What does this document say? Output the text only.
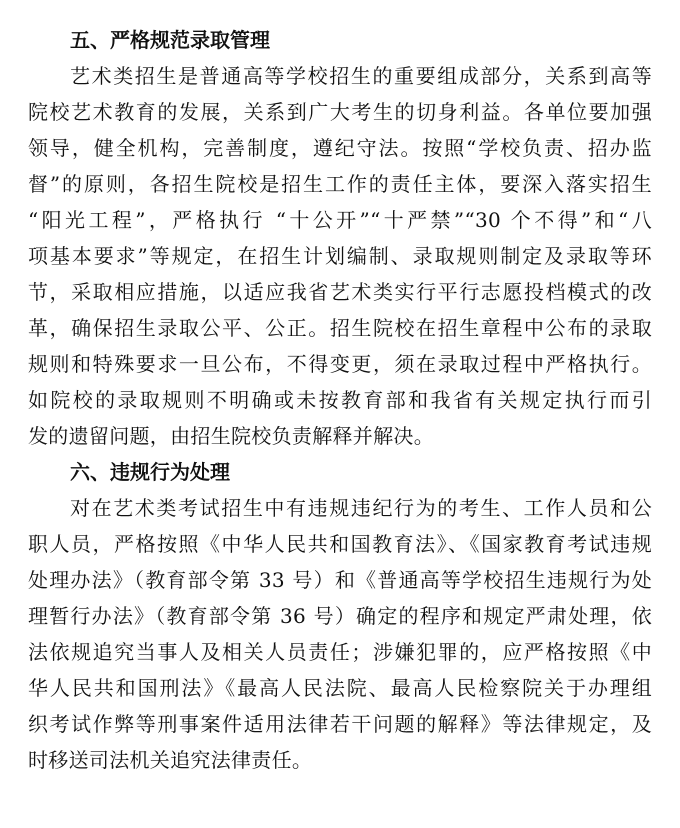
五、严格规范录取管理

艺术类招生是普通高等学校招生的重要组成部分，关系到高等

院校艺术教育的发展，关系到广大考生的切身利益。各单位要加强

领导，健全机构，完善制度，遵纪守法。按照“学校负责、招办监

督”的原则，各招生院校是招生工作的责任主体，要深入落实招生

“阳光工程”，严格执行 “十公开”“十严禁”“30 个不得”和“八

项基本要求”等规定，在招生计划编制、录取规则制定及录取等环

节，采取相应措施，以适应我省艺术类实行平行志愿投档模式的改

革，确保招生录取公平、公正。招生院校在招生章程中公布的录取

规则和特殊要求一旦公布，不得变更，须在录取过程中严格执行。

如院校的录取规则不明确或未按教育部和我省有关规定执行而引

发的遗留问题，由招生院校负责解释并解决。

六、违规行为处理

对在艺术类考试招生中有违规违纪行为的考生、工作人员和公

职人员，严格按照《中华人民共和国教育法》、《国家教育考试违规

处理办法》（教育部令第 33 号）和《普通高等学校招生违规行为处

理暂行办法》（教育部令第 36 号）确定的程序和规定严肃处理，依

法依规追究当事人及相关人员责任；涉嫌犯罪的，应严格按照《中

华人民共和国刑法》《最高人民法院、最高人民检察院关于办理组

织考试作弊等刑事案件适用法律若干问题的解释》等法律规定，及

时移送司法机关追究法律责任。
